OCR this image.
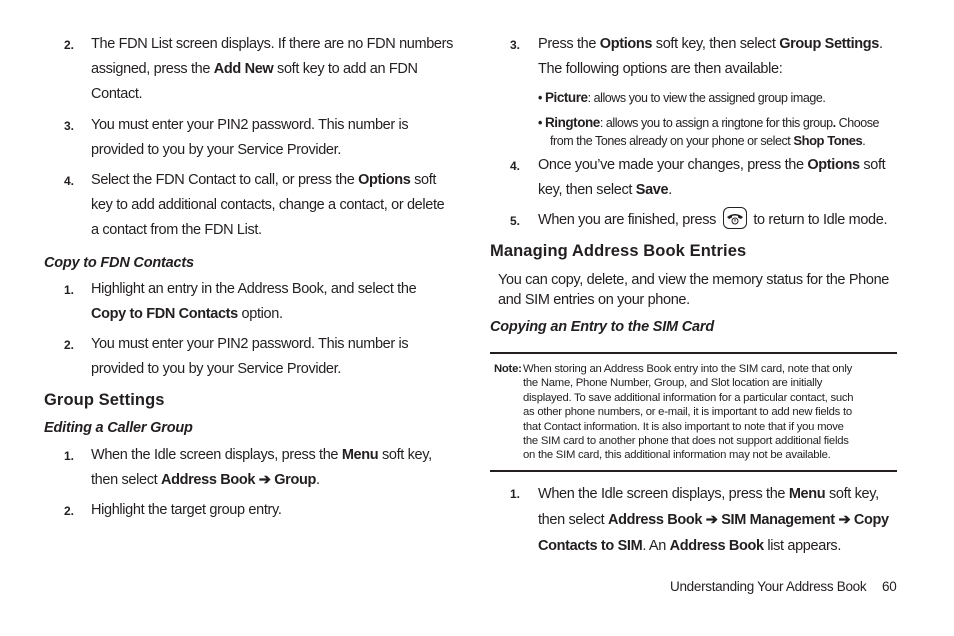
2. The FDN List screen displays. If there are no FDN numbers
assigned, press the Add New soft key to add an FDN
Contact.
3. You must enter your PIN2 password. This number is
provided to you by your Service Provider.
4. Select the FDN Contact to call, or press the Options soft
key to add additional contacts, change a contact, or delete
a contact from the FDN List.
Copy to FDN Contacts
1. Highlight an entry in the Address Book, and select the
Copy to FDN Contacts option.
2. You must enter your PIN2 password. This number is
provided to you by your Service Provider.
Group Settings
Editing a Caller Group
1. When the Idle screen displays, press the Menu soft key,
then select Address Book ➔ Group.
2. Highlight the target group entry.
3. Press the Options soft key, then select Group Settings.
The following options are then available:
• Picture: allows you to view the assigned group image.
• Ringtone: allows you to assign a ringtone for this group. Choose
from the Tones already on your phone or select Shop Tones.
4. Once you’ve made your changes, press the Options soft
key, then select Save.
5. When you are finished, press
to return to Idle mode.
Managing Address Book Entries
You can copy, delete, and view the memory status for the Phone
and SIM entries on your phone.
Copying an Entry to the SIM Card
Note: When storing an Address Book entry into the SIM card, note that only
the Name, Phone Number, Group, and Slot location are initially
displayed. To save additional information for a particular contact, such
as other phone numbers, or e-mail, it is important to add new fields to
that Contact information. It is also important to note that if you move
the SIM card to another phone that does not support additional fields
on the SIM card, this additional information may not be available.
1. When the Idle screen displays, press the Menu soft key,
then select Address Book ➔ SIM Management ➔ Copy
Contacts to SIM. An Address Book list appears.
Understanding Your Address Book 60
